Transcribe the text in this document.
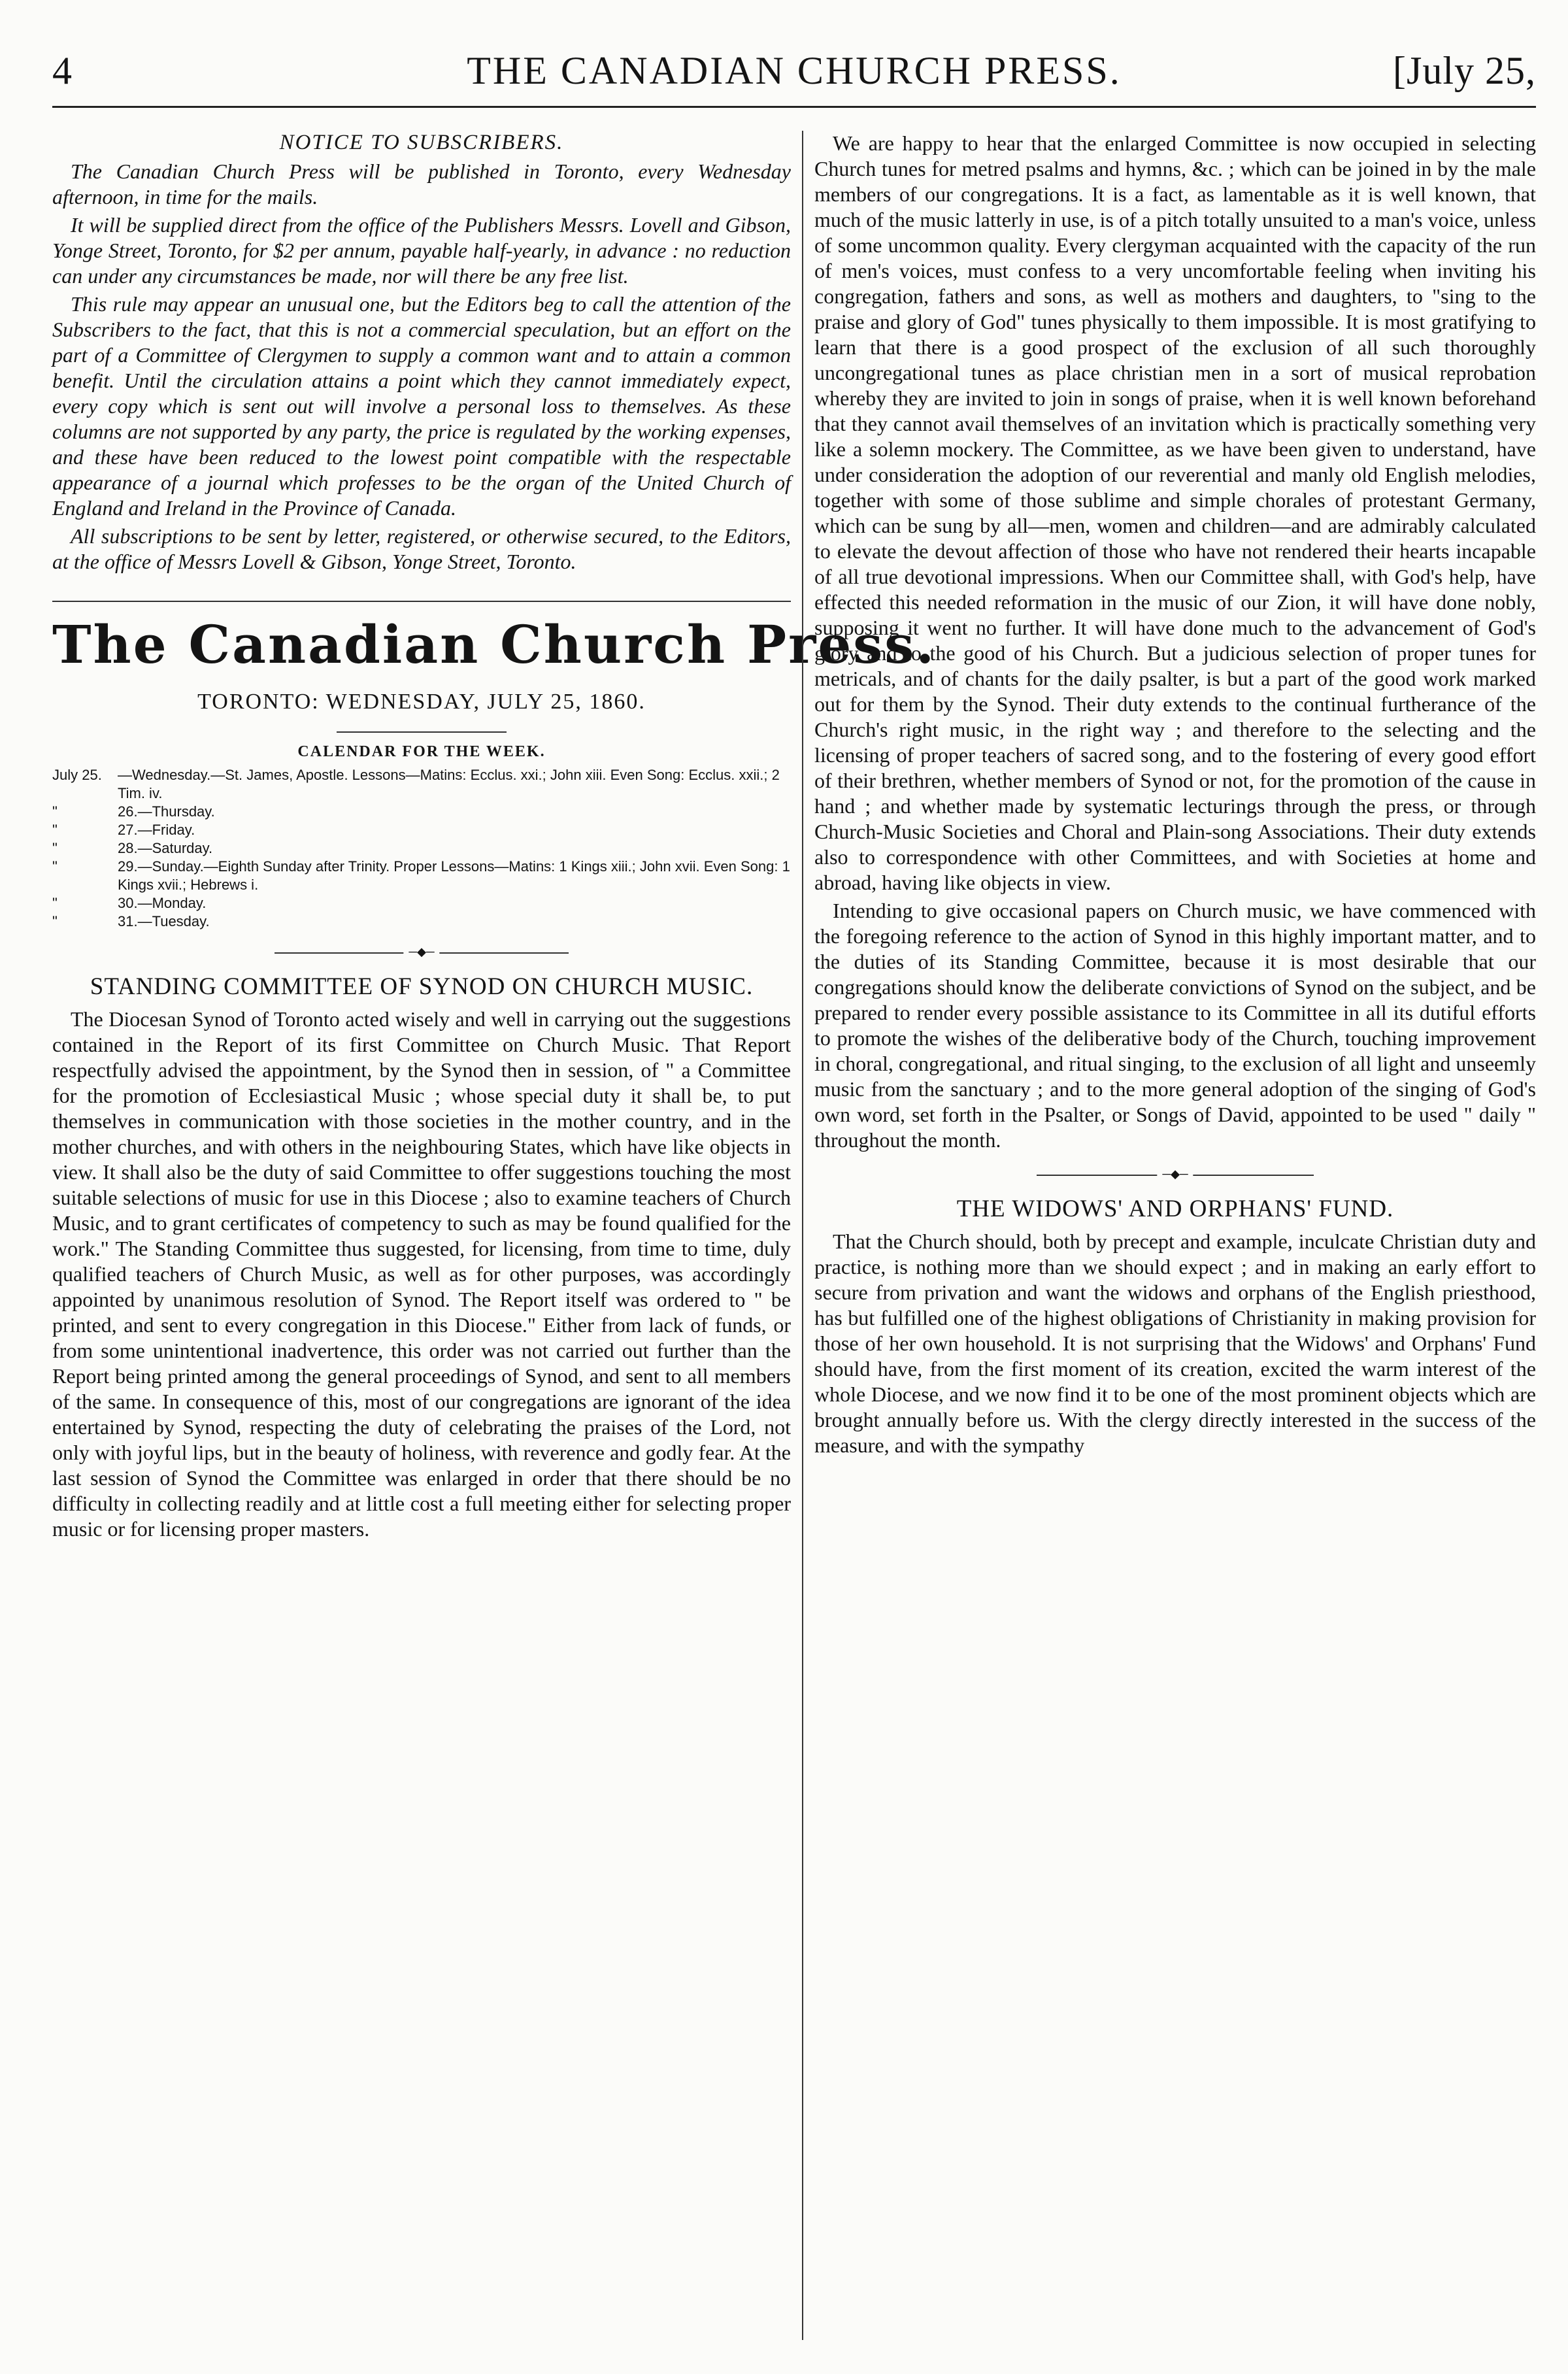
4	THE CANADIAN CHURCH PRESS.	[July 25,
NOTICE TO SUBSCRIBERS.

The Canadian Church Press will be published in Toronto, every Wednesday afternoon, in time for the mails.

It will be supplied direct from the office of the Publishers Messrs. Lovell and Gibson, Yonge Street, Toronto, for $2 per annum, payable half-yearly, in advance : no reduction can under any circumstances be made, nor will there be any free list.

This rule may appear an unusual one, but the Editors beg to call the attention of the Subscribers to the fact, that this is not a commercial speculation, but an effort on the part of a Committee of Clergymen to supply a common want and to attain a common benefit. Until the circulation attains a point which they cannot immediately expect, every copy which is sent out will involve a personal loss to themselves. As these columns are not supported by any party, the price is regulated by the working expenses, and these have been reduced to the lowest point compatible with the respectable appearance of a journal which professes to be the organ of the United Church of England and Ireland in the Province of Canada.

All subscriptions to be sent by letter, registered, or otherwise secured, to the Editors, at the office of Messrs Lovell & Gibson, Yonge Street, Toronto.

The Canadian Church Press.
TORONTO: WEDNESDAY, JULY 25, 1860.
CALENDAR FOR THE WEEK.
July 25.	—Wednesday.—St. James, Apostle. Lessons—Matins: Ecclus. xxi.; John xiii. Even Song: Ecclus. xxii.; 2 Tim. iv.
"	26.—Thursday.
"	27.—Friday.
"	28.—Saturday.
"	29.—Sunday.—Eighth Sunday after Trinity. Proper Lessons—Matins: 1 Kings xiii.; John xvii. Even Song: 1 Kings xvii.; Hebrews i.
"	30.—Monday.
"	31.—Tuesday.
─◆─
STANDING COMMITTEE OF SYNOD ON CHURCH MUSIC.

The Diocesan Synod of Toronto acted wisely and well in carrying out the suggestions contained in the Report of its first Committee on Church Music. That Report respectfully advised the appointment, by the Synod then in session, of " a Committee for the promotion of Ecclesiastical Music ; whose special duty it shall be, to put themselves in communication with those societies in the mother country, and in the mother churches, and with others in the neighbouring States, which have like objects in view. It shall also be the duty of said Committee to offer suggestions touching the most suitable selections of music for use in this Diocese ; also to examine teachers of Church Music, and to grant certificates of competency to such as may be found qualified for the work." The Standing Committee thus suggested, for licensing, from time to time, duly qualified teachers of Church Music, as well as for other purposes, was accordingly appointed by unanimous resolution of Synod. The Report itself was ordered to " be printed, and sent to every congregation in this Diocese." Either from lack of funds, or from some unintentional inadvertence, this order was not carried out further than the Report being printed among the general proceedings of Synod, and sent to all members of the same. In consequence of this, most of our congregations are ignorant of the idea entertained by Synod, respecting the duty of celebrating the praises of the Lord, not only with joyful lips, but in the beauty of holiness, with reverence and godly fear. At the last session of Synod the Committee was enlarged in order that there should be no difficulty in collecting readily and at little cost a full meeting either for selecting proper music or for licensing proper masters.

We are happy to hear that the enlarged Committee is now occupied in selecting Church tunes for metred psalms and hymns, &c. ; which can be joined in by the male members of our congregations. It is a fact, as lamentable as it is well known, that much of the music latterly in use, is of a pitch totally unsuited to a man's voice, unless of some uncommon quality. Every clergyman acquainted with the capacity of the run of men's voices, must confess to a very uncomfortable feeling when inviting his congregation, fathers and sons, as well as mothers and daughters, to "sing to the praise and glory of God" tunes physically to them impossible. It is most gratifying to learn that there is a good prospect of the exclusion of all such thoroughly uncongregational tunes as place christian men in a sort of musical reprobation whereby they are invited to join in songs of praise, when it is well known beforehand that they cannot avail themselves of an invitation which is practically something very like a solemn mockery. The Committee, as we have been given to understand, have under consideration the adoption of our reverential and manly old English melodies, together with some of those sublime and simple chorales of protestant Germany, which can be sung by all—men, women and children—and are admirably calculated to elevate the devout affection of those who have not rendered their hearts incapable of all true devotional impressions. When our Committee shall, with God's help, have effected this needed reformation in the music of our Zion, it will have done nobly, supposing it went no further. It will have done much to the advancement of God's glory and to the good of his Church. But a judicious selection of proper tunes for metricals, and of chants for the daily psalter, is but a part of the good work marked out for them by the Synod. Their duty extends to the continual furtherance of the Church's right music, in the right way ; and therefore to the selecting and the licensing of proper teachers of sacred song, and to the fostering of every good effort of their brethren, whether members of Synod or not, for the promotion of the cause in hand ; and whether made by systematic lecturings through the press, or through Church-Music Societies and Choral and Plain-song Associations. Their duty extends also to correspondence with other Committees, and with Societies at home and abroad, having like objects in view.

Intending to give occasional papers on Church music, we have commenced with the foregoing reference to the action of Synod in this highly important matter, and to the duties of its Standing Committee, because it is most desirable that our congregations should know the deliberate convictions of Synod on the subject, and be prepared to render every possible assistance to its Committee in all its dutiful efforts to promote the wishes of the deliberative body of the Church, touching improvement in choral, congregational, and ritual singing, to the exclusion of all light and unseemly music from the sanctuary ; and to the more general adoption of the singing of God's own word, set forth in the Psalter, or Songs of David, appointed to be used " daily " throughout the month.

─◆─
THE WIDOWS' AND ORPHANS' FUND.

That the Church should, both by precept and example, inculcate Christian duty and practice, is nothing more than we should expect ; and in making an early effort to secure from privation and want the widows and orphans of the English priesthood, has but fulfilled one of the highest obligations of Christianity in making provision for those of her own household. It is not surprising that the Widows' and Orphans' Fund should have, from the first moment of its creation, excited the warm interest of the whole Diocese, and we now find it to be one of the most prominent objects which are brought annually before us. With the clergy directly interested in the success of the measure, and with the sympathy
